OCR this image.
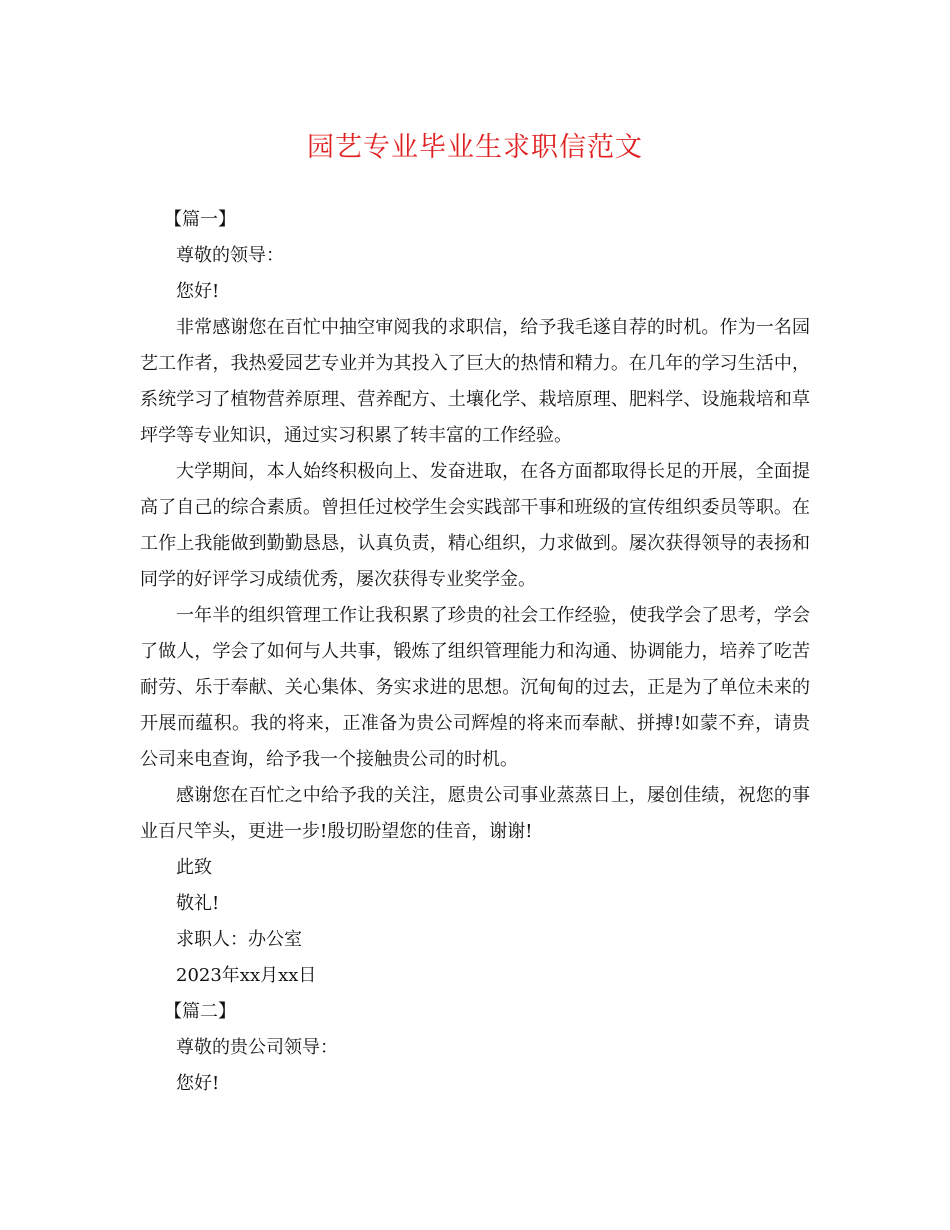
园艺专业毕业生求职信范文

【篇一】

尊敬的领导：

您好!

非常感谢您在百忙中抽空审阅我的求职信，给予我毛遂自荐的时机。作为一名园艺工作者，我热爱园艺专业并为其投入了巨大的热情和精力。在几年的学习生活中，系统学习了植物营养原理、营养配方、土壤化学、栽培原理、肥料学、设施栽培和草坪学等专业知识，通过实习积累了转丰富的工作经验。

大学期间，本人始终积极向上、发奋进取，在各方面都取得长足的开展，全面提高了自己的综合素质。曾担任过校学生会实践部干事和班级的宣传组织委员等职。在工作上我能做到勤勤恳恳，认真负责，精心组织，力求做到。屡次获得领导的表扬和同学的好评学习成绩优秀，屡次获得专业奖学金。

一年半的组织管理工作让我积累了珍贵的社会工作经验，使我学会了思考，学会了做人，学会了如何与人共事，锻炼了组织管理能力和沟通、协调能力，培养了吃苦耐劳、乐于奉献、关心集体、务实求进的思想。沉甸甸的过去，正是为了单位未来的开展而蕴积。我的将来，正准备为贵公司辉煌的将来而奉献、拼搏!如蒙不弃，请贵公司来电查询，给予我一个接触贵公司的时机。

感谢您在百忙之中给予我的关注，愿贵公司事业蒸蒸日上，屡创佳绩，祝您的事业百尺竿头，更进一步!殷切盼望您的佳音，谢谢!

此致

敬礼!

求职人：办公室

2023年xx月xx日

【篇二】

尊敬的贵公司领导：

您好!
